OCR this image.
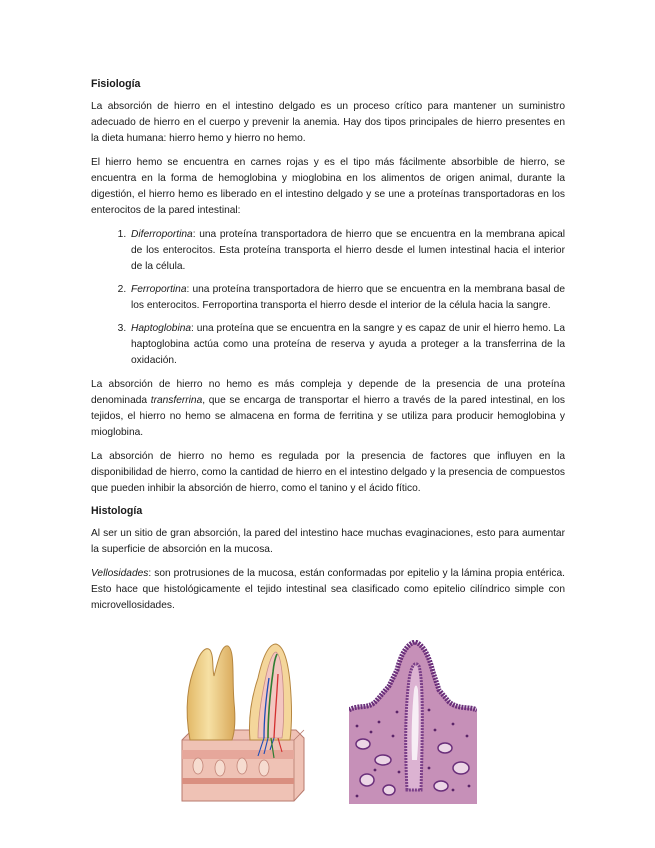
Fisiología

La absorción de hierro en el intestino delgado es un proceso crítico para mantener un suministro adecuado de hierro en el cuerpo y prevenir la anemia. Hay dos tipos principales de hierro presentes en la dieta humana: hierro hemo y hierro no hemo.

El hierro hemo se encuentra en carnes rojas y es el tipo más fácilmente absorbible de hierro, se encuentra en la forma de hemoglobina y mioglobina en los alimentos de origen animal, durante la digestión, el hierro hemo es liberado en el intestino delgado y se une a proteínas transportadoras en los enterocitos de la pared intestinal:

1. Diferroportina: una proteína transportadora de hierro que se encuentra en la membrana apical de los enterocitos. Esta proteína transporta el hierro desde el lumen intestinal hacia el interior de la célula.
2. Ferroportina: una proteína transportadora de hierro que se encuentra en la membrana basal de los enterocitos. Ferroportina transporta el hierro desde el interior de la célula hacia la sangre.
3. Haptoglobina: una proteína que se encuentra en la sangre y es capaz de unir el hierro hemo. La haptoglobina actúa como una proteína de reserva y ayuda a proteger a la transferrina de la oxidación.

La absorción de hierro no hemo es más compleja y depende de la presencia de una proteína denominada transferrina, que se encarga de transportar el hierro a través de la pared intestinal, en los tejidos, el hierro no hemo se almacena en forma de ferritina y se utiliza para producir hemoglobina y mioglobina.

La absorción de hierro no hemo es regulada por la presencia de factores que influyen en la disponibilidad de hierro, como la cantidad de hierro en el intestino delgado y la presencia de compuestos que pueden inhibir la absorción de hierro, como el tanino y el ácido fítico.

Histología

Al ser un sitio de gran absorción, la pared del intestino hace muchas evaginaciones, esto para aumentar la superficie de absorción en la mucosa.

Vellosidades: son protrusiones de la mucosa, están conformadas por epitelio y la lámina propia entérica. Esto hace que histológicamente el tejido intestinal sea clasificado como epitelio cilíndrico simple con microvellosidades.
